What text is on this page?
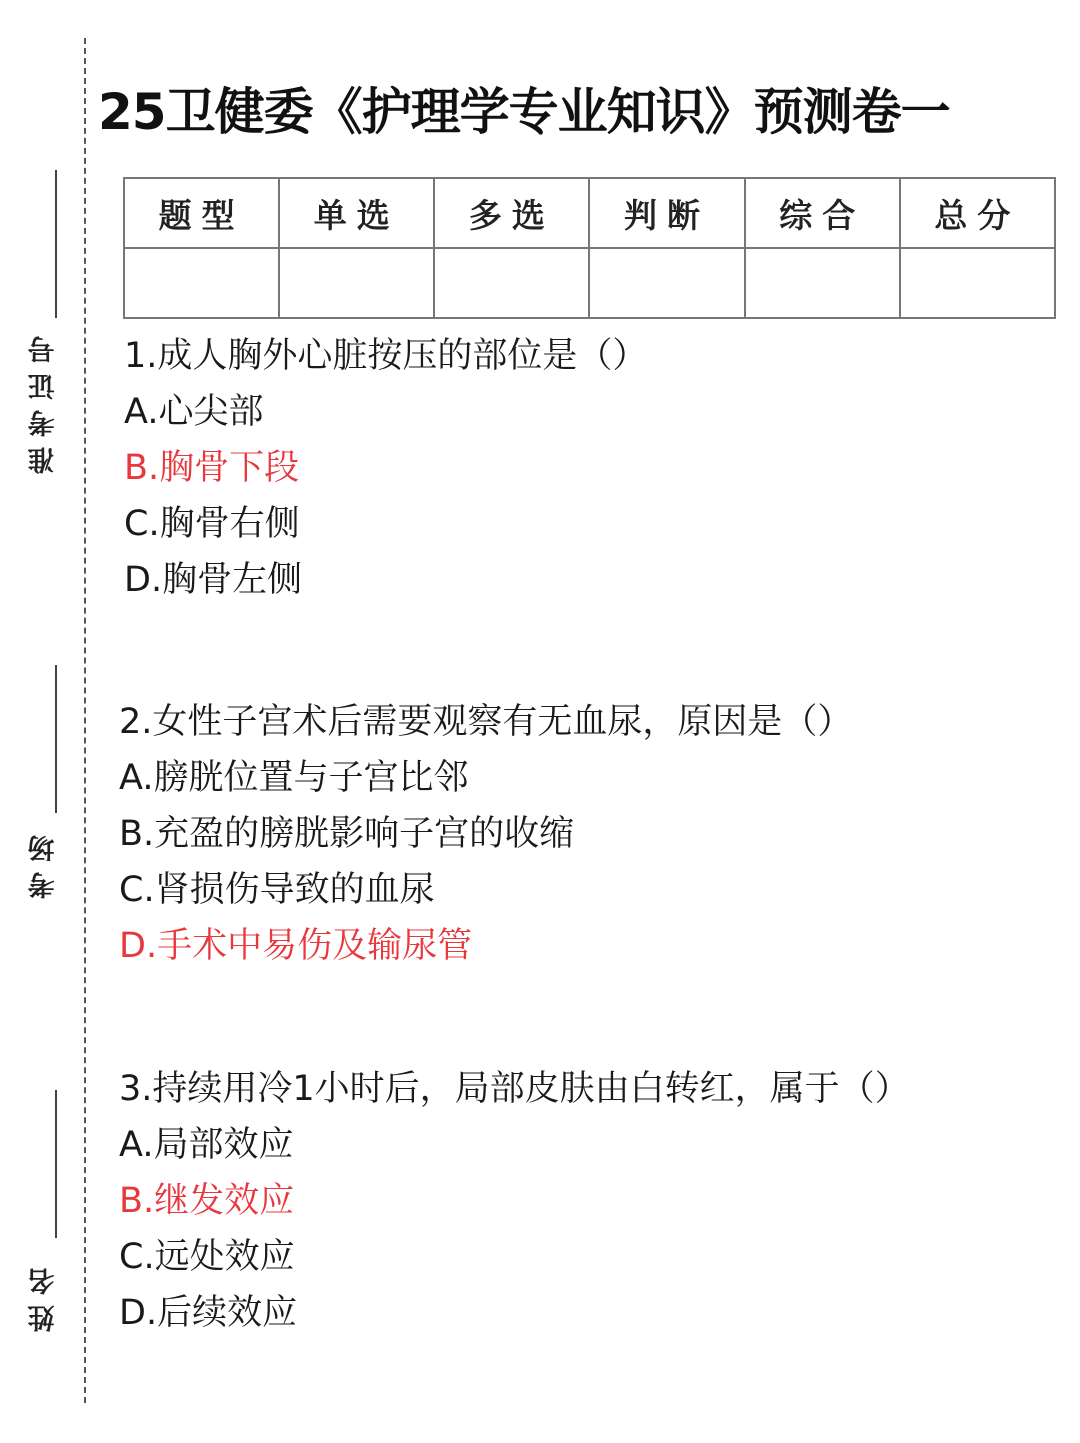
准考证号
考场
姓名
25卫健委《护理学专业知识》预测卷一
题型	单选	多选	判断	综合	总分

1.成人胸外心脏按压的部位是（）
A.心尖部
B.胸骨下段
C.胸骨右侧
D.胸骨左侧
2.女性子宫术后需要观察有无血尿，原因是（）
A.膀胱位置与子宫比邻
B.充盈的膀胱影响子宫的收缩
C.肾损伤导致的血尿
D.手术中易伤及输尿管
3.持续用冷1小时后，局部皮肤由白转红，属于（）
A.局部效应
B.继发效应
C.远处效应
D.后续效应
